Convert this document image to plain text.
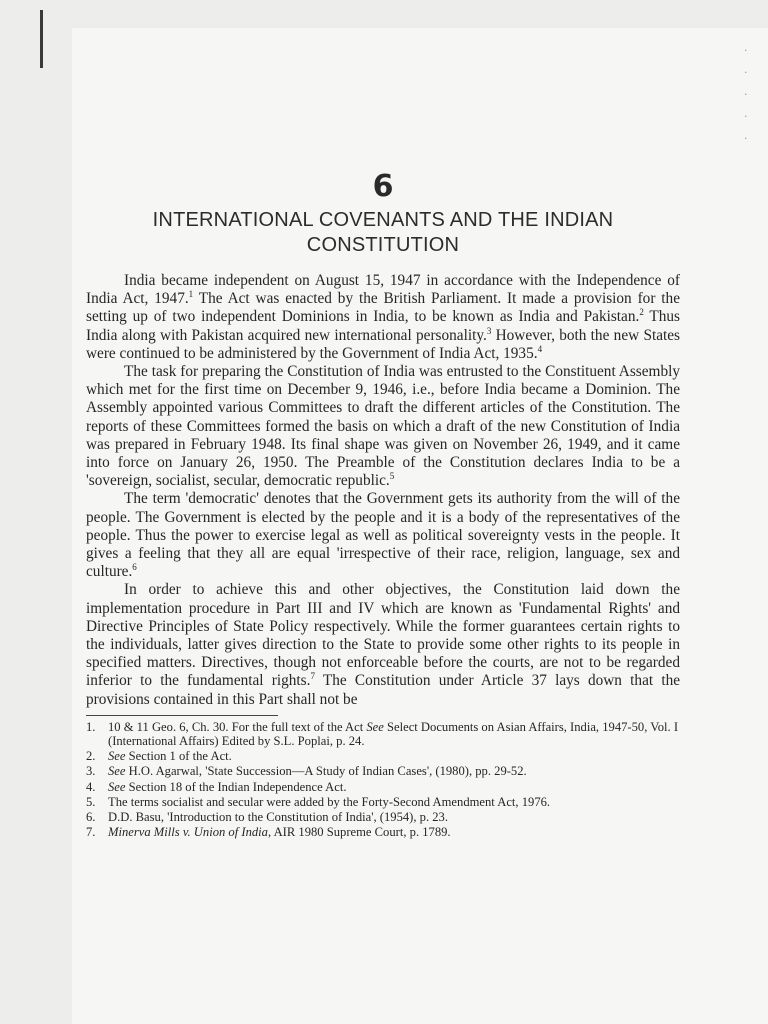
·
·
·
·
·
6
INTERNATIONAL COVENANTS AND THE INDIAN
CONSTITUTION

India became independent on August 15, 1947 in accordance with the Independence of India Act, 1947.$^1$ The Act was enacted by the British Parliament. It made a provision for the setting up of two independent Dominions in India, to be known as India and Pakistan.$^2$ Thus India along with Pakistan acquired new international personality.$^3$ However, both the new States were continued to be administered by the Government of India Act, 1935.$^4$

The task for preparing the Constitution of India was entrusted to the Constituent Assembly which met for the first time on December 9, 1946, i.e., before India became a Dominion. The Assembly appointed various Committees to draft the different articles of the Constitution. The reports of these Committees formed the basis on which a draft of the new Constitution of India was prepared in February 1948. Its final shape was given on November 26, 1949, and it came into force on January 26, 1950. The Preamble of the Constitution declares India to be a 'sovereign, socialist, secular, democratic republic.$^5$

The term 'democratic' denotes that the Government gets its authority from the will of the people. The Government is elected by the people and it is a body of the representatives of the people. Thus the power to exercise legal as well as political sovereignty vests in the people. It gives a feeling that they all are equal 'irrespective of their race, religion, language, sex and culture.$^6$

In order to achieve this and other objectives, the Constitution laid down the implementation procedure in Part III and IV which are known as 'Fundamental Rights' and Directive Principles of State Policy respectively. While the former guarantees certain rights to the individuals, latter gives direction to the State to provide some other rights to its people in specified matters. Directives, though not enforceable before the courts, are not to be regarded inferior to the fundamental rights.$^7$ The Constitution under Article 37 lays down that the provisions contained in this Part shall not be

1. 10 & 11 Geo. 6, Ch. 30. For the full text of the Act See Select Documents on Asian Affairs, India, 1947-50, Vol. I (International Affairs) Edited by S.L. Poplai, p. 24.
2. See Section 1 of the Act.
3. See H.O. Agarwal, 'State Succession—A Study of Indian Cases', (1980), pp. 29-52.
4. See Section 18 of the Indian Independence Act.
5. The terms socialist and secular were added by the Forty-Second Amendment Act, 1976.
6. D.D. Basu, 'Introduction to the Constitution of India', (1954), p. 23.
7. Minerva Mills v. Union of India, AIR 1980 Supreme Court, p. 1789.
